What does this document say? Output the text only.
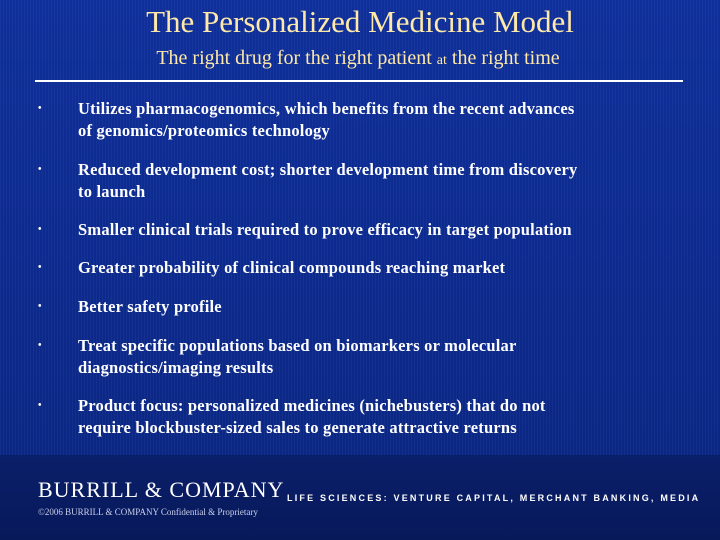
The Personalized Medicine Model
The right drug for the right patient at the right time
• Utilizes pharmacogenomics, which benefits from the recent advances
of genomics/proteomics technology
• Reduced development cost; shorter development time from discovery
to launch
• Smaller clinical trials required to prove efficacy in target population
• Greater probability of clinical compounds reaching market
• Better safety profile
• Treat specific populations based on biomarkers or molecular
diagnostics/imaging results
• Product focus: personalized medicines (nichebusters) that do not
require blockbuster-sized sales to generate attractive returns
BURRILL & COMPANY LIFE SCIENCES: VENTURE CAPITAL, MERCHANT BANKING, MEDIA
©2006 BURRILL & COMPANY Confidential & Proprietary
